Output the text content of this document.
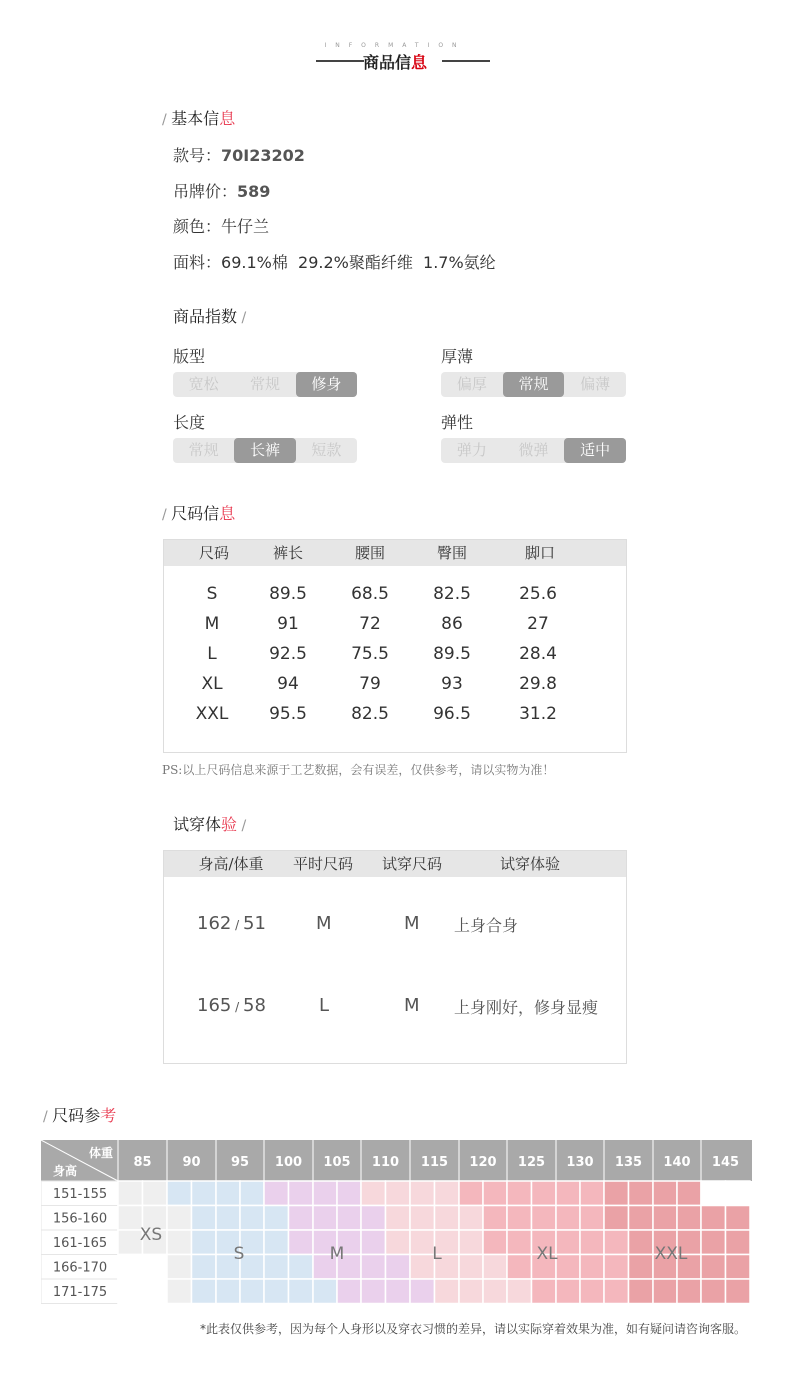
INFORMATION
商品信息
/ 基本信息
款号：70I23202
吊牌价：589
颜色：牛仔兰
面料：69.1%棉  29.2%聚酯纤维  1.7%氨纶
商品指数 /
版型
宽松	常规	修身
厚薄
偏厚	常规	偏薄
长度
常规	长裤	短款
弹性
弹力	微弹	适中
/ 尺码信息
尺码	裤长	腰围	臀围	脚口
S	89.5	68.5	82.5	25.6
M	91	72	86	27
L	92.5	75.5	89.5	28.4
XL	94	79	93	29.8
XXL 95.5	82.5	96.5	31.2
PS:以上尺码信息来源于工艺数据，会有误差，仅供参考，请以实物为准！
试穿体验 /
身高/体重 平时尺码 试穿尺码	试穿体验
162 / 51	M	M 上身合身
165 / 58	L	M 上身刚好，修身显瘦
/ 尺码参考
体重
身高
85 90 95 100 105 110 115 120 125 130 135 140 145
151-155
156-160
161-165
166-170
171-175
XS
S	M	L	XL	XXL
*此表仅供参考，因为每个人身形以及穿衣习惯的差异，请以实际穿着效果为准，如有疑问请咨询客服。
